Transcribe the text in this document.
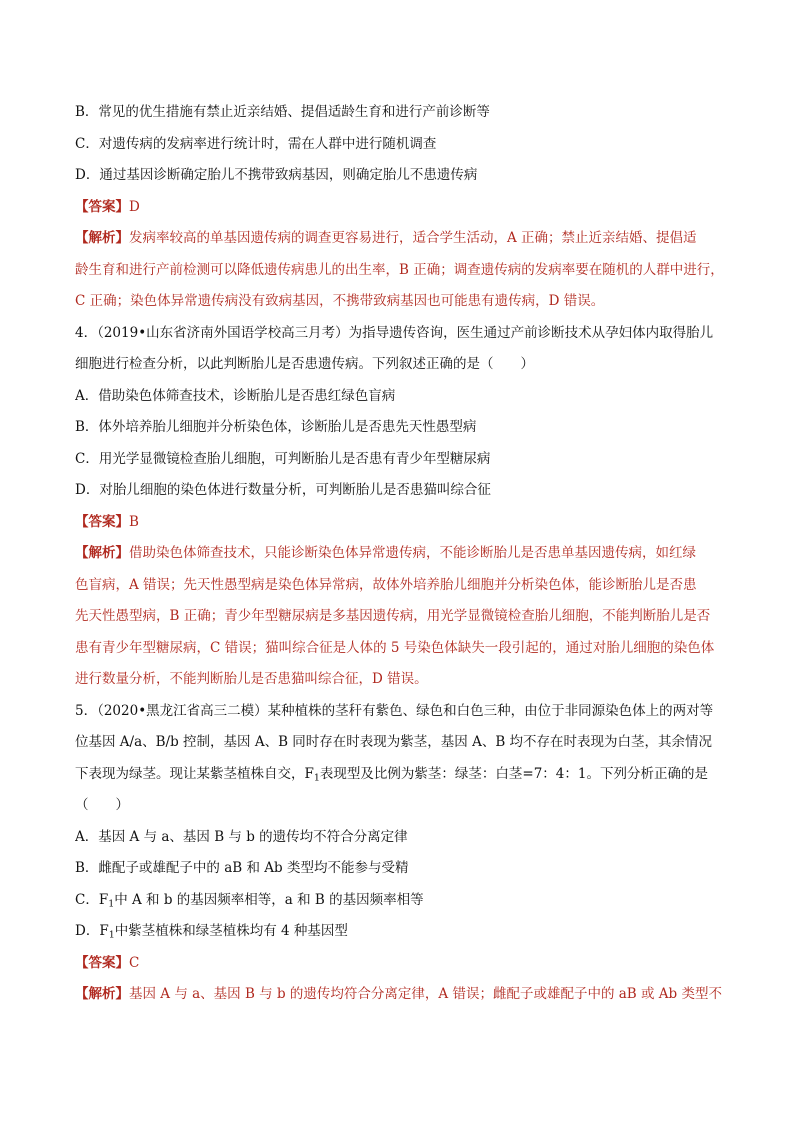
B．常见的优生措施有禁止近亲结婚、提倡适龄生育和进行产前诊断等
C．对遗传病的发病率进行统计时，需在人群中进行随机调查
D．通过基因诊断确定胎儿不携带致病基因，则确定胎儿不患遗传病
【答案】D
【解析】发病率较高的单基因遗传病的调查更容易进行，适合学生活动，A 正确；禁止近亲结婚、提倡适
龄生育和进行产前检测可以降低遗传病患儿的出生率，B 正确；调查遗传病的发病率要在随机的人群中进行，
C 正确；染色体异常遗传病没有致病基因，不携带致病基因也可能患有遗传病，D 错误。
4．（2019•山东省济南外国语学校高三月考）为指导遗传咨询，医生通过产前诊断技术从孕妇体内取得胎儿
细胞进行检查分析，以此判断胎儿是否患遗传病。下列叙述正确的是（　　）
A．借助染色体筛查技术，诊断胎儿是否患红绿色盲病
B．体外培养胎儿细胞并分析染色体，诊断胎儿是否患先天性愚型病
C．用光学显微镜检查胎儿细胞，可判断胎儿是否患有青少年型糖尿病
D．对胎儿细胞的染色体进行数量分析，可判断胎儿是否患猫叫综合征
【答案】B
【解析】借助染色体筛查技术，只能诊断染色体异常遗传病，不能诊断胎儿是否患单基因遗传病，如红绿
色盲病，A 错误；先天性愚型病是染色体异常病，故体外培养胎儿细胞并分析染色体，能诊断胎儿是否患
先天性愚型病，B 正确；青少年型糖尿病是多基因遗传病，用光学显微镜检查胎儿细胞，不能判断胎儿是否
患有青少年型糖尿病，C 错误；猫叫综合征是人体的 5 号染色体缺失一段引起的，通过对胎儿细胞的染色体
进行数量分析，不能判断胎儿是否患猫叫综合征，D 错误。
5．（2020•黑龙江省高三二模）某种植株的茎秆有紫色、绿色和白色三种，由位于非同源染色体上的两对等
位基因 A/a、B/b 控制，基因 A、B 同时存在时表现为紫茎，基因 A、B 均不存在时表现为白茎，其余情况
下表现为绿茎。现让某紫茎植株自交，$F_1$表现型及比例为紫茎：绿茎：白茎=7：4：1。下列分析正确的是
（　　）
A．基因 A 与 a、基因 B 与 b 的遗传均不符合分离定律
B．雌配子或雄配子中的 aB 和 Ab 类型均不能参与受精
C．$F_1$中 A 和 b 的基因频率相等，a 和 B 的基因频率相等
D．$F_1$中紫茎植株和绿茎植株均有 4 种基因型
【答案】C
【解析】基因 A 与 a、基因 B 与 b 的遗传均符合分离定律，A 错误；雌配子或雄配子中的 aB 或 Ab 类型不
